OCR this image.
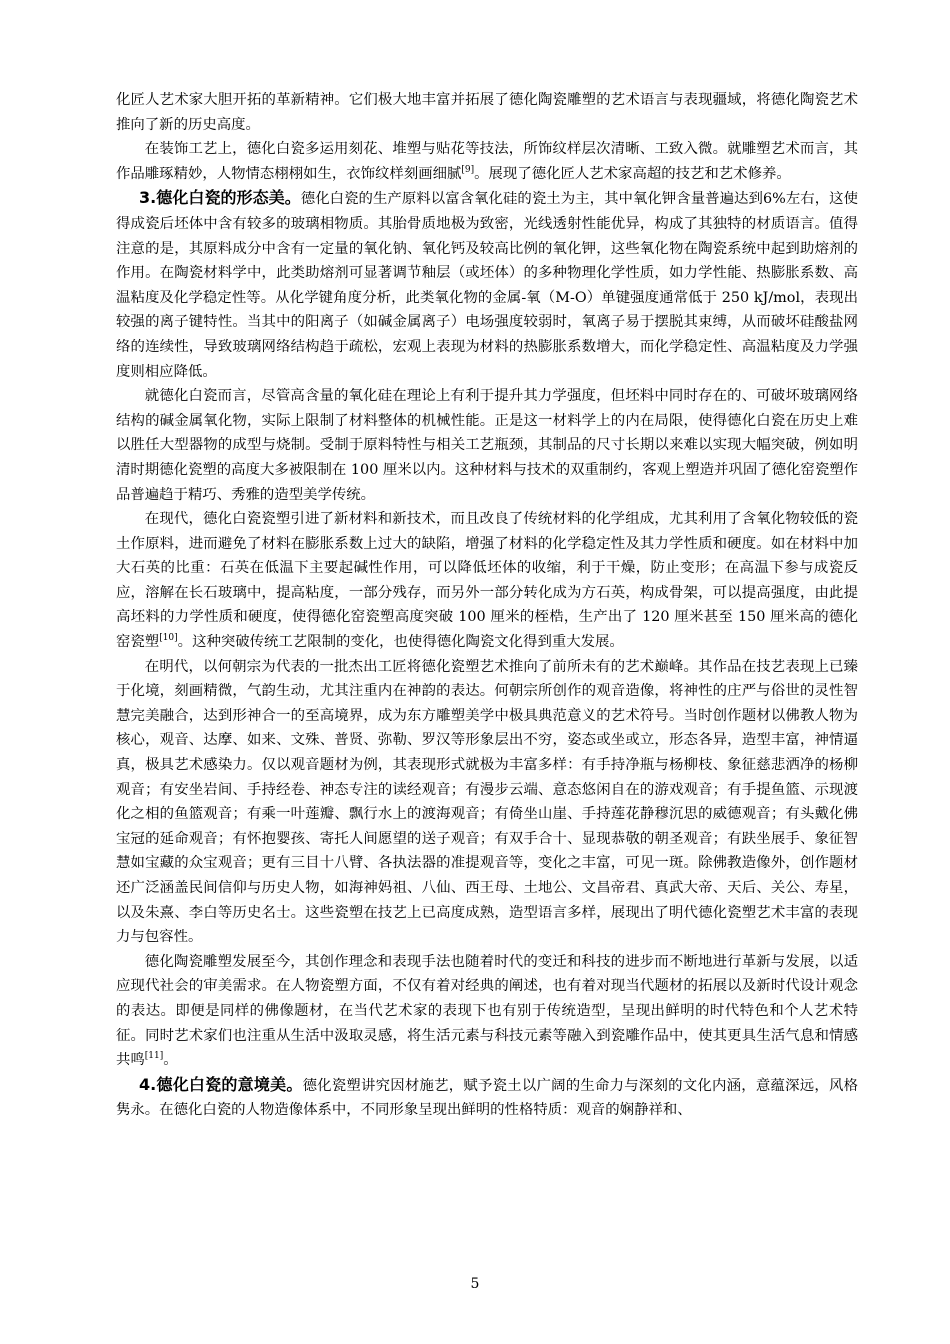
化匠人艺术家大胆开拓的革新精神。它们极大地丰富并拓展了德化陶瓷雕塑的艺术语言与表现疆域，将德化陶瓷艺术推向了新的历史高度。

在装饰工艺上，德化白瓷多运用刻花、堆塑与贴花等技法，所饰纹样层次清晰、工致入微。就雕塑艺术而言，其作品雕琢精妙，人物情态栩栩如生，衣饰纹样刻画细腻[9]。展现了德化匠人艺术家高超的技艺和艺术修养。

3.德化白瓷的形态美。德化白瓷的生产原料以富含氧化硅的瓷土为主，其中氧化钾含量普遍达到6%左右，这使得成瓷后坯体中含有较多的玻璃相物质。其胎骨质地极为致密，光线透射性能优异，构成了其独特的材质语言。值得注意的是，其原料成分中含有一定量的氧化钠、氧化钙及较高比例的氧化钾，这些氧化物在陶瓷系统中起到助熔剂的作用。在陶瓷材料学中，此类助熔剂可显著调节釉层（或坯体）的多种物理化学性质，如力学性能、热膨胀系数、高温粘度及化学稳定性等。从化学键角度分析，此类氧化物的金属-氧（M-O）单键强度通常低于 250 kJ/mol，表现出较强的离子键特性。当其中的阳离子（如碱金属离子）电场强度较弱时，氧离子易于摆脱其束缚，从而破坏硅酸盐网络的连续性，导致玻璃网络结构趋于疏松，宏观上表现为材料的热膨胀系数增大，而化学稳定性、高温粘度及力学强度则相应降低。

就德化白瓷而言，尽管高含量的氧化硅在理论上有利于提升其力学强度，但坯料中同时存在的、可破坏玻璃网络结构的碱金属氧化物，实际上限制了材料整体的机械性能。正是这一材料学上的内在局限，使得德化白瓷在历史上难以胜任大型器物的成型与烧制。受制于原料特性与相关工艺瓶颈，其制品的尺寸长期以来难以实现大幅突破，例如明清时期德化瓷塑的高度大多被限制在 100 厘米以内。这种材料与技术的双重制约，客观上塑造并巩固了德化窑瓷塑作品普遍趋于精巧、秀雅的造型美学传统。

在现代，德化白瓷瓷塑引进了新材料和新技术，而且改良了传统材料的化学组成，尤其利用了含氧化物较低的瓷土作原料，进而避免了材料在膨胀系数上过大的缺陷，增强了材料的化学稳定性及其力学性质和硬度。如在材料中加大石英的比重：石英在低温下主要起碱性作用，可以降低坯体的收缩，利于干燥，防止变形；在高温下参与成瓷反应，溶解在长石玻璃中，提高粘度，一部分残存，而另外一部分转化成为方石英，构成骨架，可以提高强度，由此提高坯料的力学性质和硬度，使得德化窑瓷塑高度突破 100 厘米的桎梏，生产出了 120 厘米甚至 150 厘米高的德化窑瓷塑[10]。这种突破传统工艺限制的变化，也使得德化陶瓷文化得到重大发展。

在明代，以何朝宗为代表的一批杰出工匠将德化瓷塑艺术推向了前所未有的艺术巅峰。其作品在技艺表现上已臻于化境，刻画精微，气韵生动，尤其注重内在神韵的表达。何朝宗所创作的观音造像，将神性的庄严与俗世的灵性智慧完美融合，达到形神合一的至高境界，成为东方雕塑美学中极具典范意义的艺术符号。当时创作题材以佛教人物为核心，观音、达摩、如来、文殊、普贤、弥勒、罗汉等形象层出不穷，姿态或坐或立，形态各异，造型丰富，神情逼真，极具艺术感染力。仅以观音题材为例，其表现形式就极为丰富多样：有手持净瓶与杨柳枝、象征慈悲洒净的杨柳观音；有安坐岩间、手持经卷、神态专注的读经观音；有漫步云端、意态悠闲自在的游戏观音；有手提鱼篮、示现渡化之相的鱼篮观音；有乘一叶莲瓣、飘行水上的渡海观音；有倚坐山崖、手持莲花静穆沉思的威德观音；有头戴化佛宝冠的延命观音；有怀抱婴孩、寄托人间愿望的送子观音；有双手合十、显现恭敬的朝圣观音；有趺坐展手、象征智慧如宝藏的众宝观音；更有三目十八臂、各执法器的准提观音等，变化之丰富，可见一斑。除佛教造像外，创作题材还广泛涵盖民间信仰与历史人物，如海神妈祖、八仙、西王母、土地公、文昌帝君、真武大帝、天后、关公、寿星，以及朱熹、李白等历史名士。这些瓷塑在技艺上已高度成熟，造型语言多样，展现出了明代德化瓷塑艺术丰富的表现力与包容性。

德化陶瓷雕塑发展至今，其创作理念和表现手法也随着时代的变迁和科技的进步而不断地进行革新与发展，以适应现代社会的审美需求。在人物瓷塑方面，不仅有着对经典的阐述，也有着对现当代题材的拓展以及新时代设计观念的表达。即便是同样的佛像题材，在当代艺术家的表现下也有别于传统造型，呈现出鲜明的时代特色和个人艺术特征。同时艺术家们也注重从生活中汲取灵感，将生活元素与科技元素等融入到瓷雕作品中，使其更具生活气息和情感共鸣[11]。

4.德化白瓷的意境美。德化瓷塑讲究因材施艺，赋予瓷土以广阔的生命力与深刻的文化内涵，意蕴深远，风格隽永。在德化白瓷的人物造像体系中，不同形象呈现出鲜明的性格特质：观音的娴静祥和、

5
